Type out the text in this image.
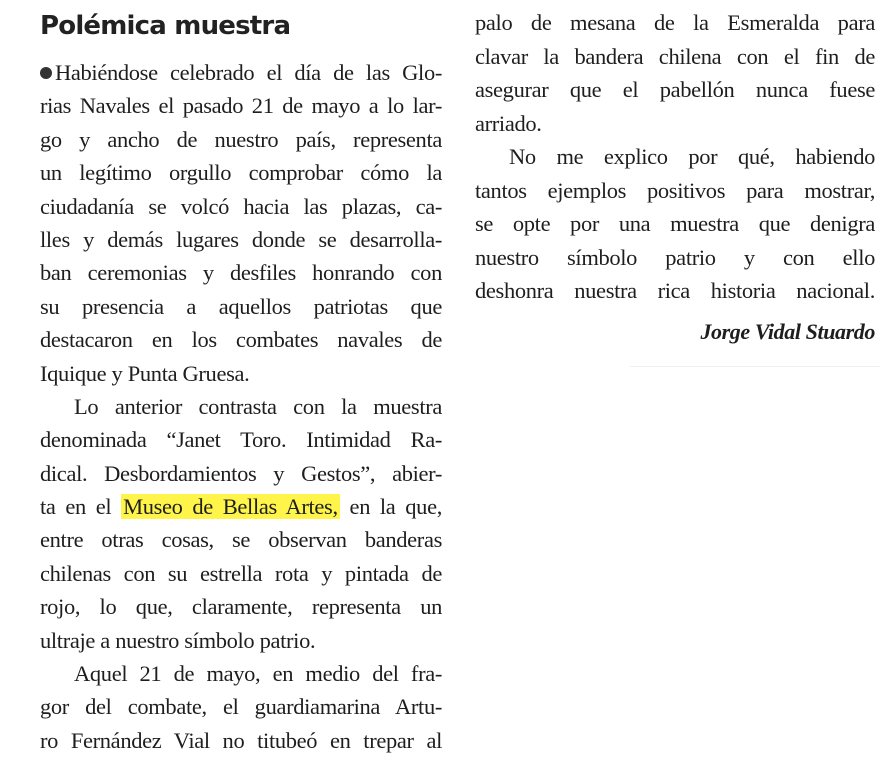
Polémica muestra
Habiéndose celebrado el día de las Glo-
rias Navales el pasado 21 de mayo a lo lar-
go y ancho de nuestro país, representa
un legítimo orgullo comprobar cómo la
ciudadanía se volcó hacia las plazas, ca-
lles y demás lugares donde se desarrolla-
ban ceremonias y desfiles honrando con
su presencia a aquellos patriotas que
destacaron en los combates navales de
Iquique y Punta Gruesa.
Lo anterior contrasta con la muestra
denominada “Janet Toro. Intimidad Ra-
dical. Desbordamientos y Gestos”, abier-
ta en el Museo de Bellas Artes, en la que,
entre otras cosas, se observan banderas
chilenas con su estrella rota y pintada de
rojo, lo que, claramente, representa un
ultraje a nuestro símbolo patrio.
Aquel 21 de mayo, en medio del fra-
gor del combate, el guardiamarina Artu-
ro Fernández Vial no titubeó en trepar al
palo de mesana de la Esmeralda para
clavar la bandera chilena con el fin de
asegurar que el pabellón nunca fuese
arriado.
No me explico por qué, habiendo
tantos ejemplos positivos para mostrar,
se opte por una muestra que denigra
nuestro símbolo patrio y con ello
deshonra nuestra rica historia nacional.
Jorge Vidal Stuardo
